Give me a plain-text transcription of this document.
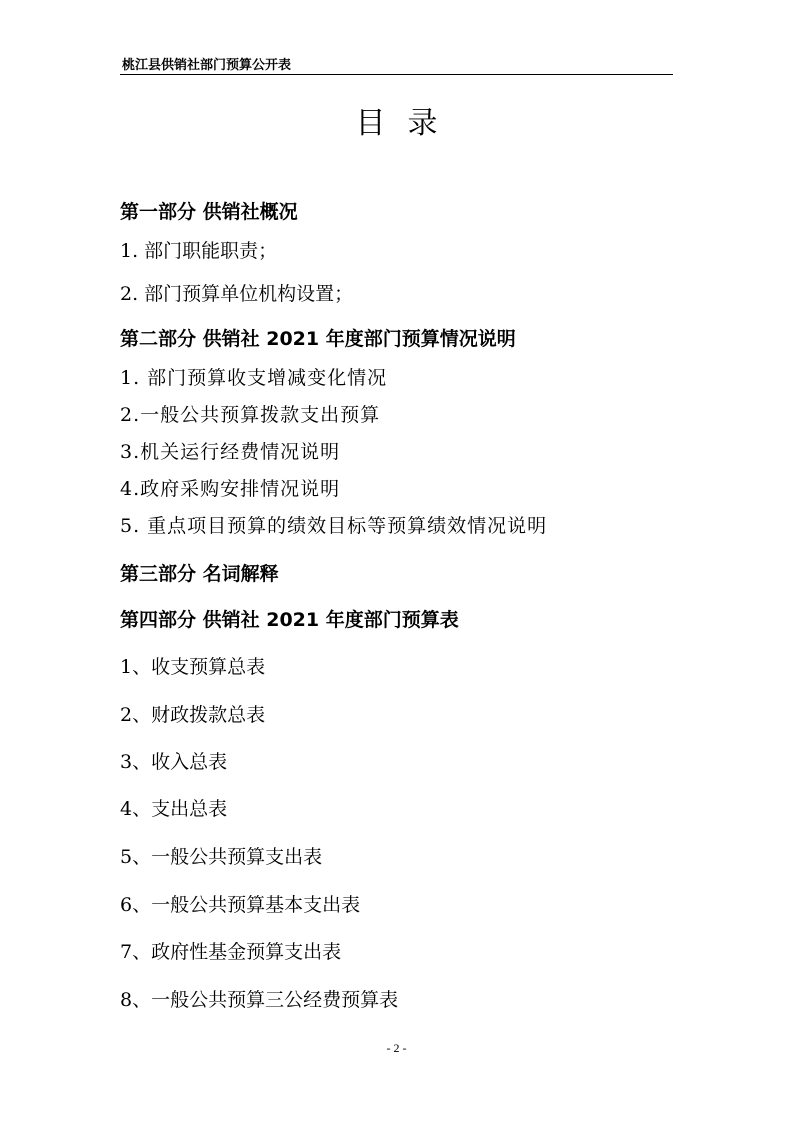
桃江县供销社部门预算公开表
目录
第一部分 供销社概况
1. 部门职能职责；
2. 部门预算单位机构设置；
第二部分 供销社 2021 年度部门预算情况说明
1. 部门预算收支增减变化情况
2.一般公共预算拨款支出预算
3.机关运行经费情况说明
4.政府采购安排情况说明
5. 重点项目预算的绩效目标等预算绩效情况说明
第三部分 名词解释
第四部分 供销社 2021 年度部门预算表
1、收支预算总表
2、财政拨款总表
3、收入总表
4、支出总表
5、一般公共预算支出表
6、一般公共预算基本支出表
7、政府性基金预算支出表
8、一般公共预算三公经费预算表
- 2 -
